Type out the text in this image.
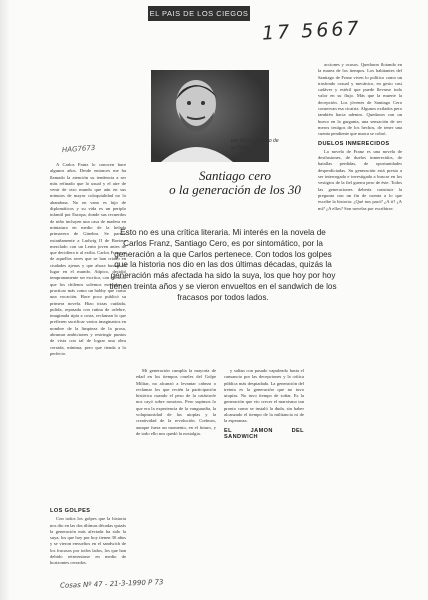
EL PAIS DE LOS CIEGOS
17 5667
HAG7673
por Marco Antonio de la Parra
Santiago cero
o la generación de los 30
Esto no es una crítica literaria. Mi interés en la novela de Carlos Franz, Santiago Cero, es por sintomático, por la generación a la que Carlos pertenece. Con todos los golpes que la historia nos dio en las dos últimas décadas, quizás la generación más afectada ha sido la suya, los que hoy por hoy tienen treinta años y se vieron envueltos en el sandwich de los fracasos por todos lados.

A Carlos Franz lo conocen hace algunos años. Desde entonces me ha llamado la atención su tendencia a ser más refinado que lo usual y el aire de venir de otro mundo que aún en sus minutos de mayor coloquialidad no lo abandona. No en vano es hijo de diplomáticos y su vida es un periplo infantil por Europa, donde sus recuerdos de niño incluyen una casa de madera en miniatura en medio de la helada primavera de Ginebra. Se parece extrañamente a Ludwig II de Baviera mezclado con un Lenin joven antes de que decidiera ir al exilio. Carlos Franz es de aquellos seres que se han criado en ciudades ajenas y que ahora buscan el lugar en el mundo. Atípico, decidió tempranamente ser escritor, con el oficio que los chilenos solemos esconder o practicar más como un hobby que como una vocación. Hace poco publicó su primera novela. Hizo trizas cuidada, pulida, repasada con rutina de orfebre, imaginada ripia a costa, reclaman lo que prefieren sacrificar varios imaginarios en nombre de la limpieza de la prosa, abrumar ambiciones y restringir puntos de vista con tal de lograr una obra cerrada, mínima, pero que tienda a lo perfecto.

LOS GOLPES

Con todos los golpes que la historia nos dio en las dos últimas décadas quizás la generación más afectada ha sido la suya, los que hoy por hoy tienen 30 años y se vieron envueltos en el sandwich de los fracasos por todos lados, los que han debido reinventarse en medio de horizontes cerrados.

Mi generación cumplía la mayoría de edad en los tiempos crueles del Golpe Militar, no alcanzó a levantar cabeza o reclamar los que recién la participación histórica cuando el peso de la catástrofe nos cayó sobre nosotros. Pero supimos lo que era la experiencia de la vanguardia, la voluptuosidad de las utopías y la creatividad de la revolución. Creímos, aunque fuera un momento, en el futuro, y de todo ello nos quedó la nostalgia.

y salían con pasado vapuleado hasta el cansancio por las decepciones y la crítica pública más despiadada. La generación del treinta es la generación que no tuvo utopías. No tuvo tiempo de soñar. Es la generación que vio crecer el marxismo tan pronto como se instaló la duda, sin haber alcanzado el tiempo de la militancia ni de la esperanza.

EL JAMON DEL SANDWICH

acciones y ocasos. Quedaron flotando en la marea de los tiempos. Los habitantes del Santiago de Franz viven lo político como un trasfondo casual y mecánico, en gesto casi cadáver y estéril que puede llevarse todo valor en su flujo. Más que la muerte la decepción. Los jóvenes de Santiago Cero conservan esa cicatriz. Algunos exilados pero también hacia adentro. Quedaron con un hueco en la garganta, una sensación de ser meros testigos de los hechos, de tener una cuenta pendiente que nunca se cobró.

DUELOS INMERECIDOS

La novela de Franz es una novela de desilusiones, de duelos inmerecidos, de batallas perdidas, de oportunidades desperdiciadas. Su generación está presta a ser interrogada e investigada a buscar en los vestigios de la fiel guerra pero de éste. Todos las generaciones debería construir la pregunta con un fin de cuenta a lo que escribe la historia: ¿Qué nos pasó? ¿A ti? ¿A mí? ¿A ellos? Son novelas por escribirse.

Cosas Nº 47 - 21-3-1990 P 73
